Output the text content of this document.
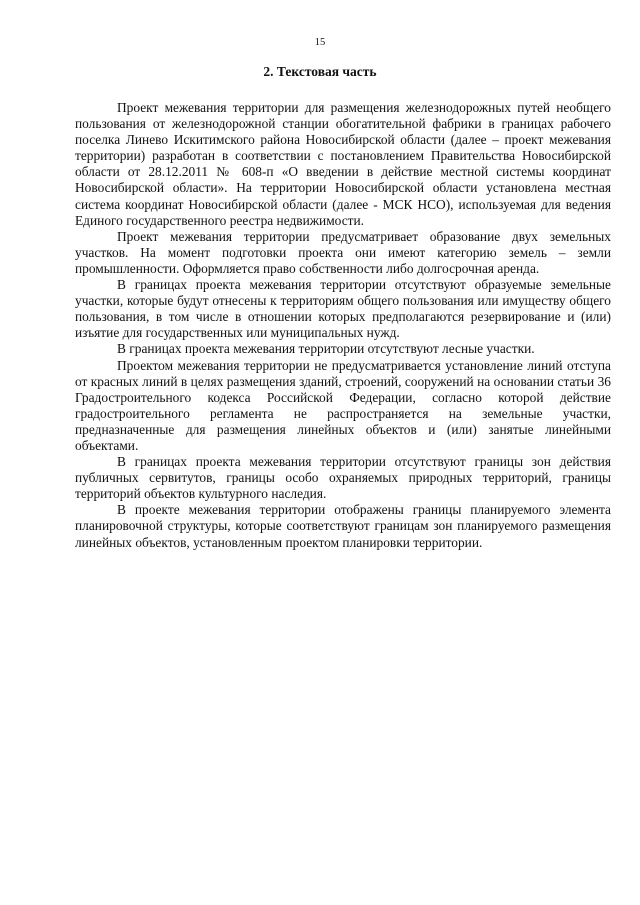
15
2. Текстовая часть

Проект межевания территории для размещения железнодорожных путей необщего пользования от железнодорожной станции обогатительной фабрики в границах рабочего поселка Линево Искитимского района Новосибирской области (далее – проект межевания территории) разработан в соответствии с постановлением Правительства Новосибирской области от 28.12.2011 № 608-п «О введении в действие местной системы координат Новосибирской области». На территории Новосибирской области установлена местная система координат Новосибирской области (далее - МСК НСО), используемая для ведения Единого государственного реестра недвижимости.

Проект межевания территории предусматривает образование двух земельных участков. На момент подготовки проекта они имеют категорию земель – земли промышленности. Оформляется право собственности либо долгосрочная аренда.

В границах проекта межевания территории отсутствуют образуемые земельные участки, которые будут отнесены к территориям общего пользования или имуществу общего пользования, в том числе в отношении которых предполагаются резервирование и (или) изъятие для государственных или муниципальных нужд.

В границах проекта межевания территории отсутствуют лесные участки.

Проектом межевания территории не предусматривается установление линий отступа от красных линий в целях размещения зданий, строений, сооружений на основании статьи 36 Градостроительного кодекса Российской Федерации, согласно которой действие градостроительного регламента не распространяется на земельные участки, предназначенные для размещения линейных объектов и (или) занятые линейными объектами.

В границах проекта межевания территории отсутствуют границы зон действия публичных сервитутов, границы особо охраняемых природных территорий, границы территорий объектов культурного наследия.

В проекте межевания территории отображены границы планируемого элемента планировочной структуры, которые соответствуют границам зон планируемого размещения линейных объектов, установленным проектом планировки территории.
